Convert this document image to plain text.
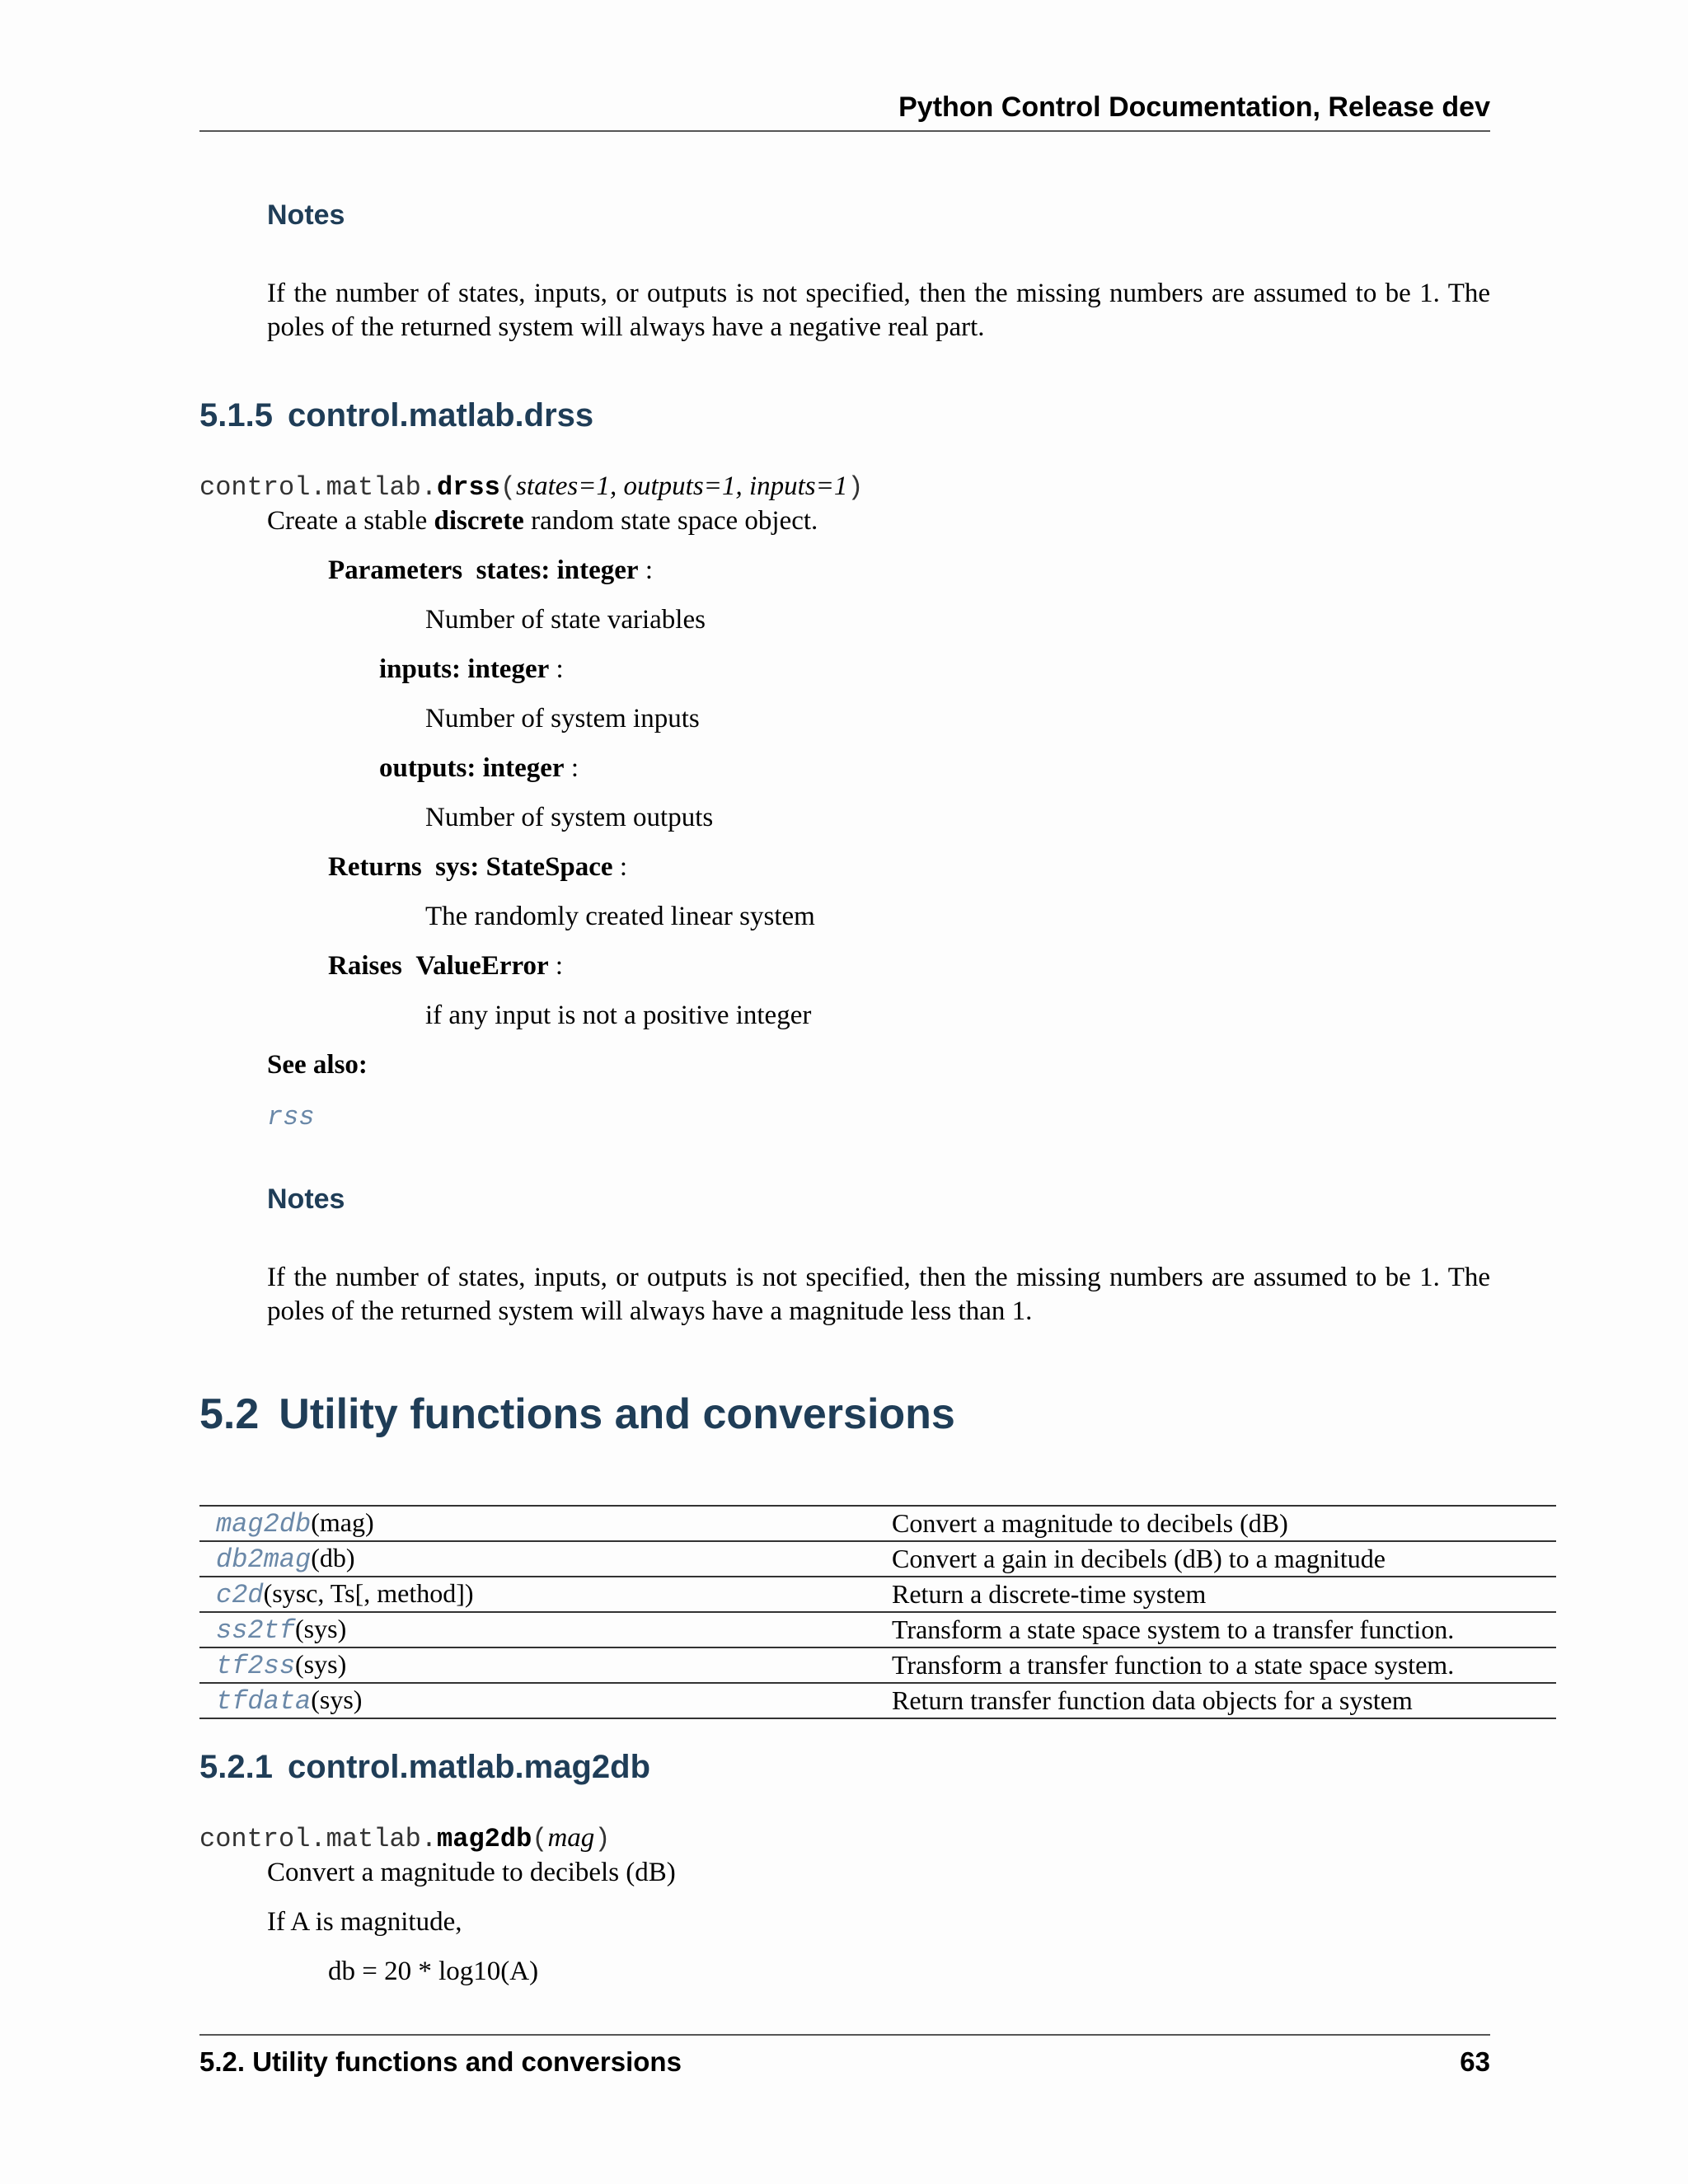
Python Control Documentation, Release dev
Notes
If the number of states, inputs, or outputs is not specified, then the missing numbers are assumed to be 1. The poles of the returned system will always have a negative real part.
5.1.5 control.matlab.drss
control.matlab.drss(states=1, outputs=1, inputs=1)
Create a stable discrete random state space object.
Parameters states: integer :
Number of state variables
inputs: integer :
Number of system inputs
outputs: integer :
Number of system outputs
Returns sys: StateSpace :
The randomly created linear system
Raises ValueError :
if any input is not a positive integer
See also:
rss
Notes
If the number of states, inputs, or outputs is not specified, then the missing numbers are assumed to be 1. The poles of the returned system will always have a magnitude less than 1.
5.2 Utility functions and conversions
mag2db(mag)	Convert a magnitude to decibels (dB)
db2mag(db)	Convert a gain in decibels (dB) to a magnitude
c2d(sysc, Ts[, method])	Return a discrete-time system
ss2tf(sys)	Transform a state space system to a transfer function.
tf2ss(sys)	Transform a transfer function to a state space system.
tfdata(sys)	Return transfer function data objects for a system
5.2.1 control.matlab.mag2db
control.matlab.mag2db(mag)
Convert a magnitude to decibels (dB)
If A is magnitude,
db = 20 * log10(A)
5.2. Utility functions and conversions	63
